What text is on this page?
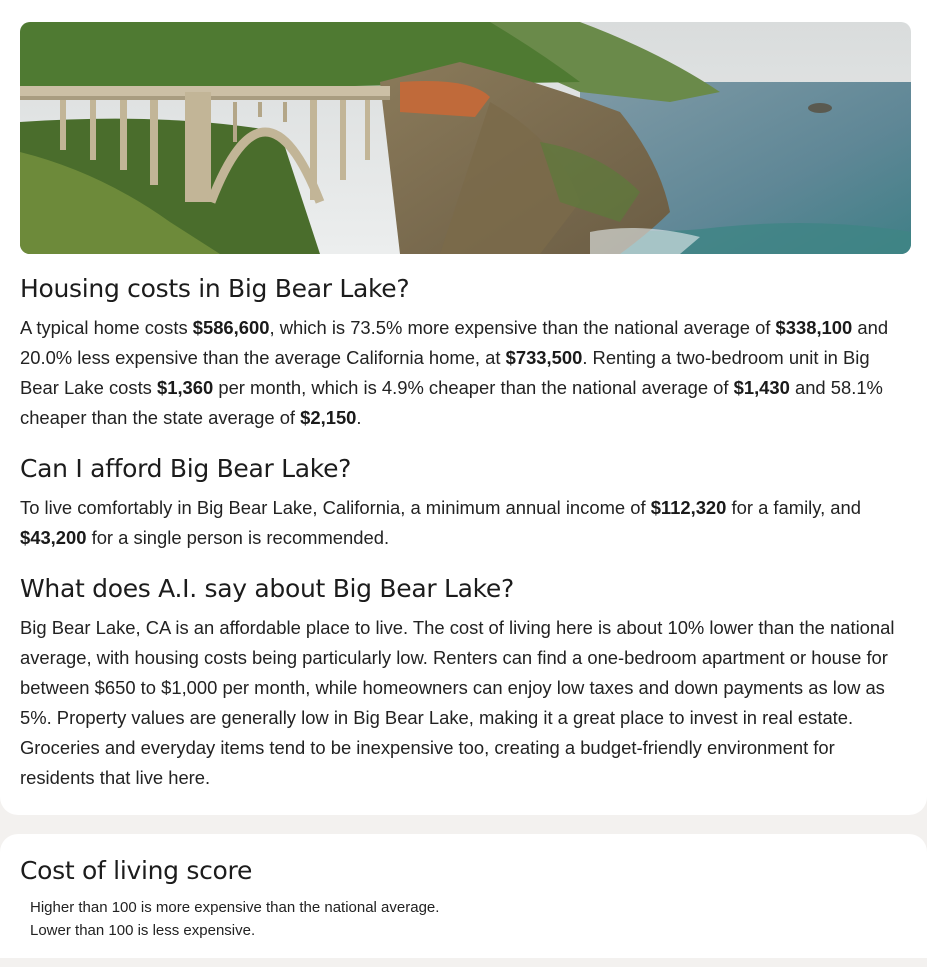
Housing costs in Big Bear Lake?

A typical home costs $586,600, which is 73.5% more expensive than the national average of $338,100 and 20.0% less expensive than the average California home, at $733,500. Renting a two-bedroom unit in Big Bear Lake costs $1,360 per month, which is 4.9% cheaper than the national average of $1,430 and 58.1% cheaper than the state average of $2,150.

Can I afford Big Bear Lake?

To live comfortably in Big Bear Lake, California, a minimum annual income of $112,320 for a family, and $43,200 for a single person is recommended.

What does A.I. say about Big Bear Lake?

Big Bear Lake, CA is an affordable place to live. The cost of living here is about 10% lower than the national average, with housing costs being particularly low. Renters can find a one-bedroom apartment or house for between $650 to $1,000 per month, while homeowners can enjoy low taxes and down payments as low as 5%. Property values are generally low in Big Bear Lake, making it a great place to invest in real estate. Groceries and everyday items tend to be inexpensive too, creating a budget-friendly environment for residents that live here.

Cost of living score

Higher than 100 is more expensive than the national average.

Lower than 100 is less expensive.
